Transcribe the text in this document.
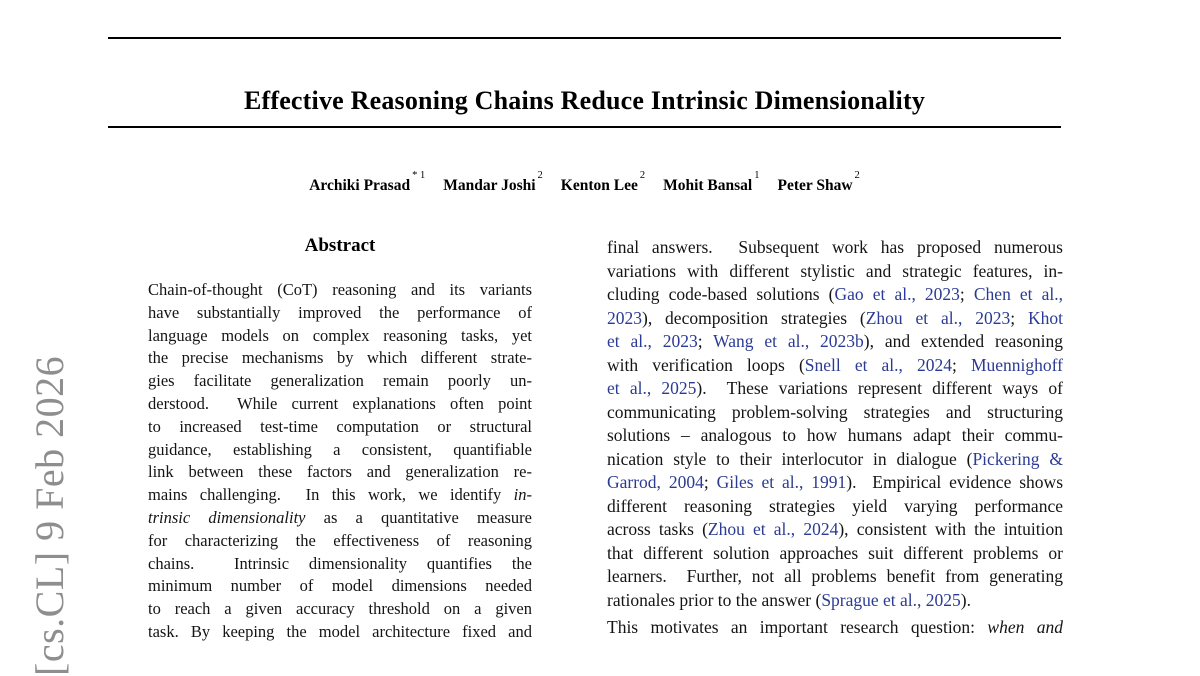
[cs.CL] 9 Feb 2026
Effective Reasoning Chains Reduce Intrinsic Dimensionality
Archiki Prasad$^{* 1}$Mandar Joshi$^2$Kenton Lee$^2$Mohit Bansal$^1$Peter Shaw$^2$
Abstract
Chain-of-thought (CoT) reasoning and its variants
have substantially improved the performance of
language models on complex reasoning tasks, yet
the precise mechanisms by which different strate-
gies facilitate generalization remain poorly un-
derstood.  While current explanations often point
to increased test-time computation or structural
guidance, establishing a consistent, quantifiable
link between these factors and generalization re-
mains challenging.  In this work, we identify in-
trinsic dimensionality as a quantitative measure
for characterizing the effectiveness of reasoning
chains.  Intrinsic dimensionality quantifies the
minimum number of model dimensions needed
to reach a given accuracy threshold on a given
task. By keeping the model architecture fixed and
final answers.  Subsequent work has proposed numerous
variations with different stylistic and strategic features, in-
cluding code-based solutions (Gao et al., 2023; Chen et al.,
2023), decomposition strategies (Zhou et al., 2023; Khot
et al., 2023; Wang et al., 2023b), and extended reasoning
with verification loops (Snell et al., 2024; Muennighoff
et al., 2025).  These variations represent different ways of
communicating problem-solving strategies and structuring
solutions – analogous to how humans adapt their commu-
nication style to their interlocutor in dialogue (Pickering &
Garrod, 2004; Giles et al., 1991).  Empirical evidence shows
different reasoning strategies yield varying performance
across tasks (Zhou et al., 2024), consistent with the intuition
that different solution approaches suit different problems or
learners.  Further, not all problems benefit from generating
rationales prior to the answer (Sprague et al., 2025).
This motivates an important research question: when and
